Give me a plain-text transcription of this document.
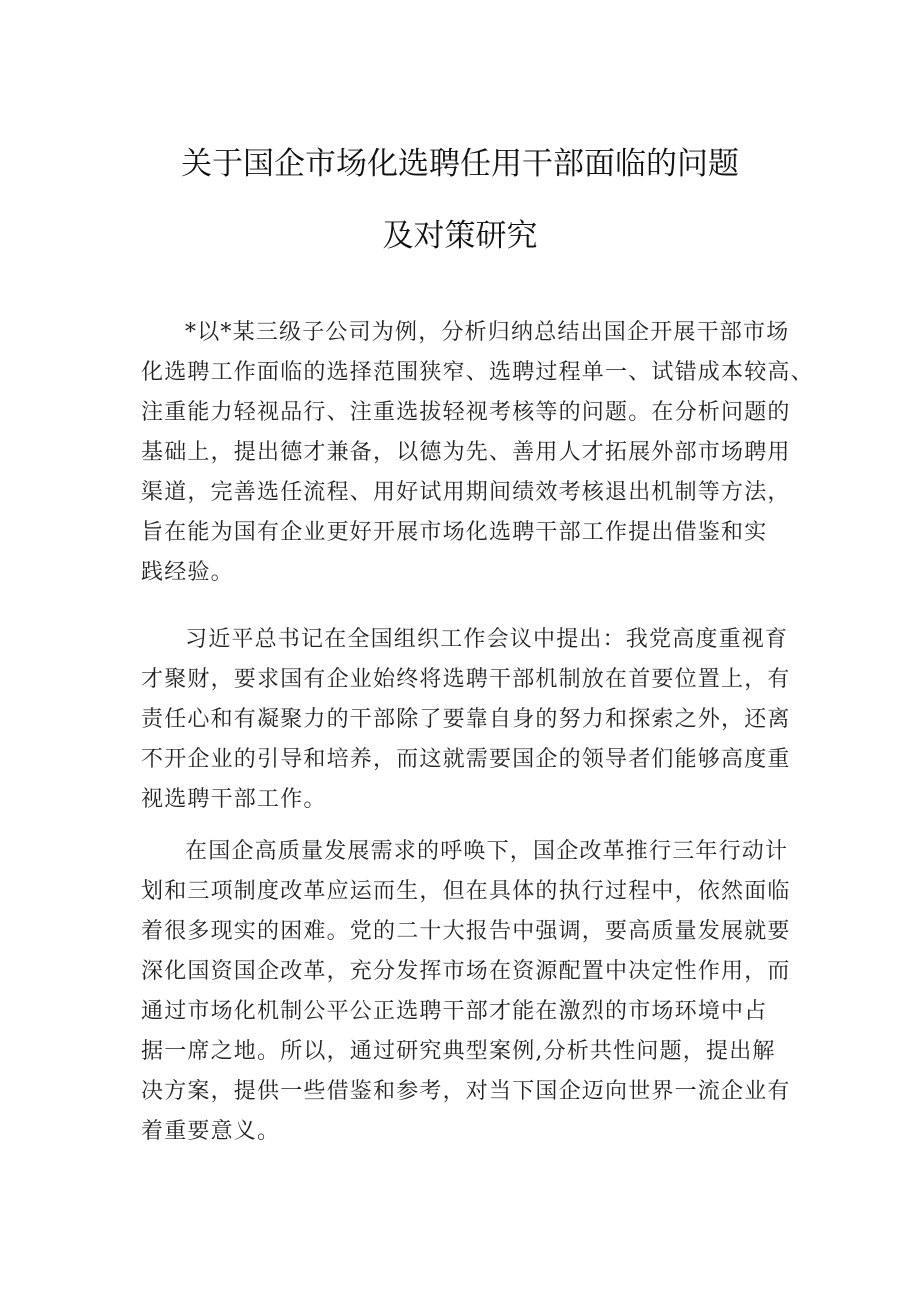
关于国企市场化选聘任用干部面临的问题
及对策研究
*以*某三级子公司为例，分析归纳总结出国企开展干部市场
化选聘工作面临的选择范围狭窄、选聘过程单一、试错成本较高、
注重能力轻视品行、注重选拔轻视考核等的问题。在分析问题的
基础上，提出德才兼备，以德为先、善用人才拓展外部市场聘用
渠道，完善选任流程、用好试用期间绩效考核退出机制等方法，
旨在能为国有企业更好开展市场化选聘干部工作提出借鉴和实
践经验。
习近平总书记在全国组织工作会议中提出：我党高度重视育
才聚财，要求国有企业始终将选聘干部机制放在首要位置上，有
责任心和有凝聚力的干部除了要靠自身的努力和探索之外，还离
不开企业的引导和培养，而这就需要国企的领导者们能够高度重
视选聘干部工作。
在国企高质量发展需求的呼唤下，国企改革推行三年行动计
划和三项制度改革应运而生，但在具体的执行过程中，依然面临
着很多现实的困难。党的二十大报告中强调，要高质量发展就要
深化国资国企改革，充分发挥市场在资源配置中决定性作用，而
通过市场化机制公平公正选聘干部才能在激烈的市场环境中占
据一席之地。所以，通过研究典型案例,分析共性问题，提出解
决方案，提供一些借鉴和参考，对当下国企迈向世界一流企业有
着重要意义。
